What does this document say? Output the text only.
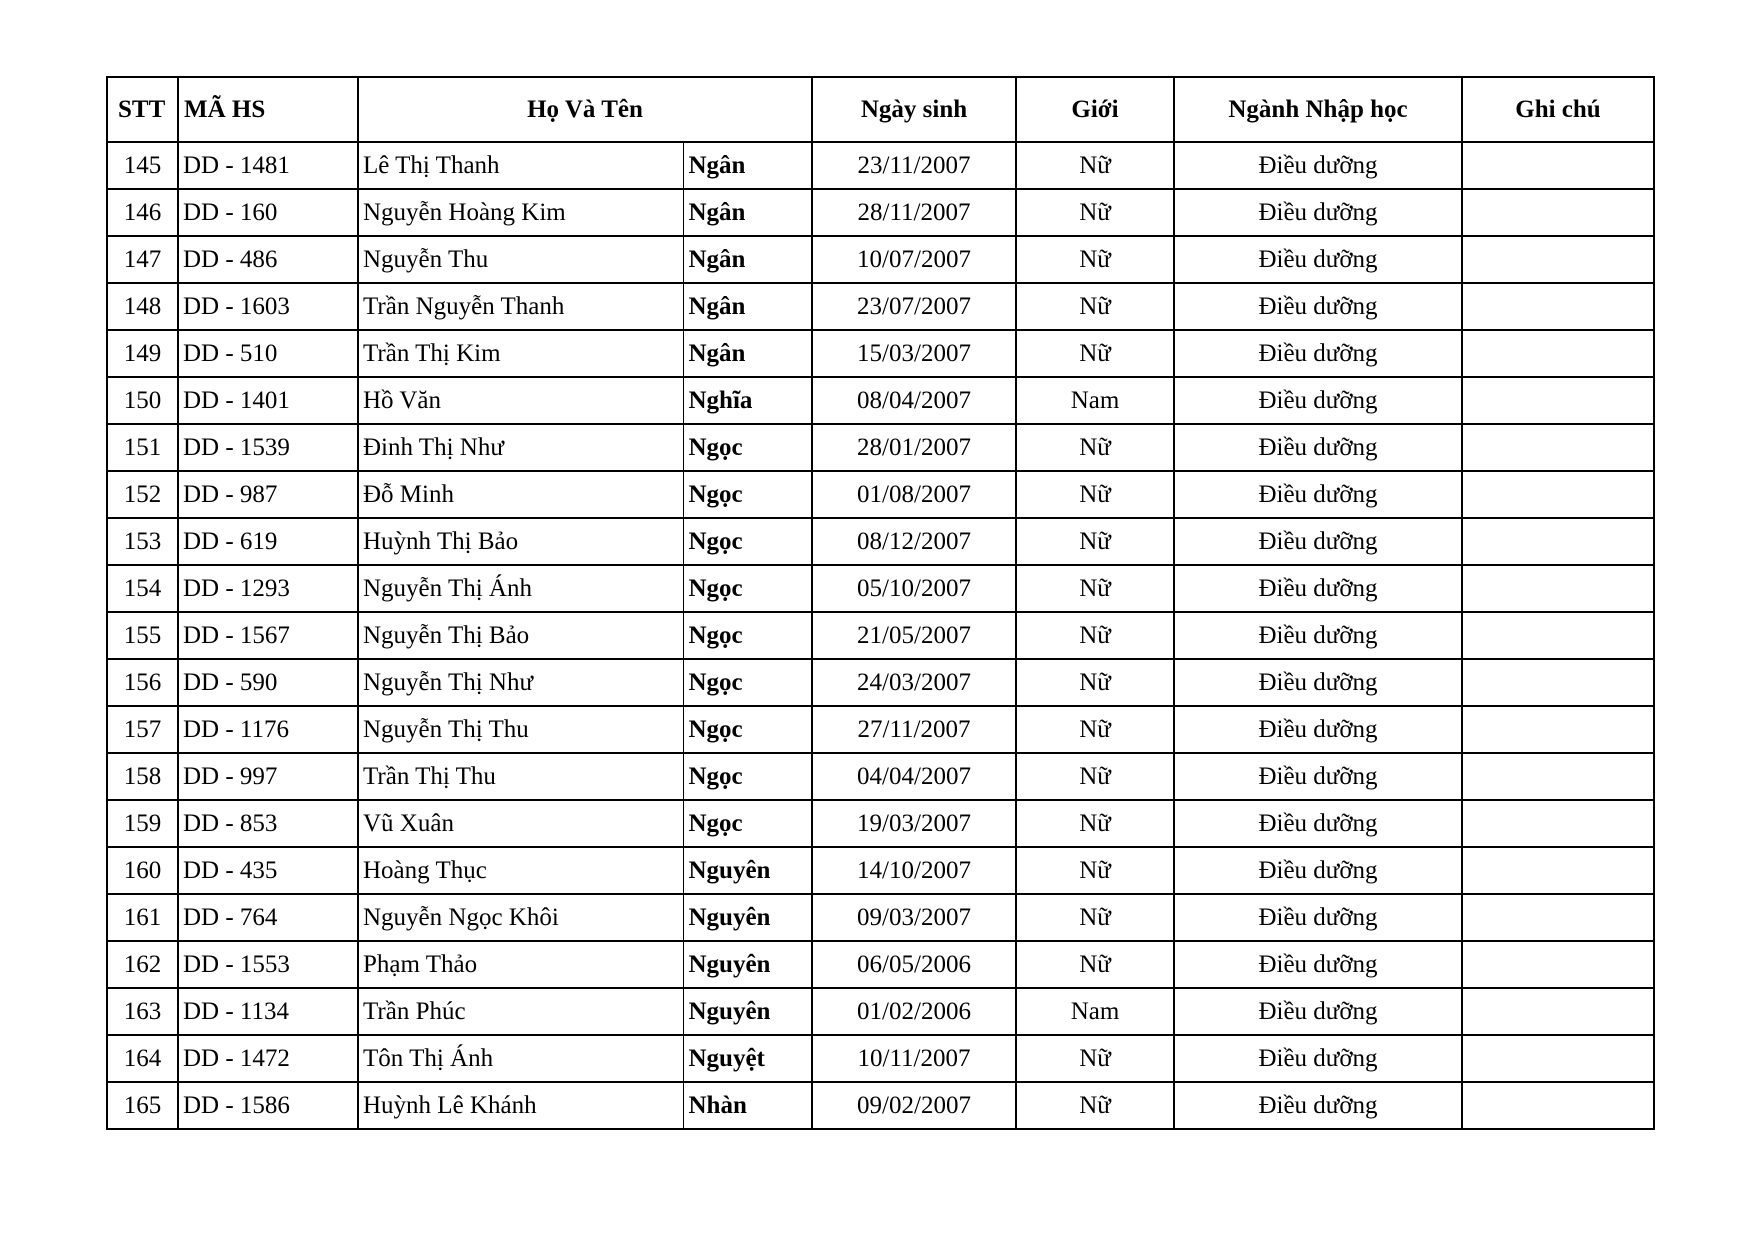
STT	MÃ HS	Họ Và Tên		Ngày sinh	Giới	Ngành Nhập học	Ghi chú
145	DD - 1481	Lê Thị Thanh	Ngân	23/11/2007	Nữ	Điều dưỡng	
146	DD - 160	Nguyễn Hoàng Kim	Ngân	28/11/2007	Nữ	Điều dưỡng	
147	DD - 486	Nguyễn Thu	Ngân	10/07/2007	Nữ	Điều dưỡng	
148	DD - 1603	Trần Nguyễn Thanh	Ngân	23/07/2007	Nữ	Điều dưỡng	
149	DD - 510	Trần Thị Kim	Ngân	15/03/2007	Nữ	Điều dưỡng	
150	DD - 1401	Hồ Văn	Nghĩa	08/04/2007	Nam	Điều dưỡng	
151	DD - 1539	Đinh Thị Như	Ngọc	28/01/2007	Nữ	Điều dưỡng	
152	DD - 987	Đỗ Minh	Ngọc	01/08/2007	Nữ	Điều dưỡng	
153	DD - 619	Huỳnh Thị Bảo	Ngọc	08/12/2007	Nữ	Điều dưỡng	
154	DD - 1293	Nguyễn Thị Ánh	Ngọc	05/10/2007	Nữ	Điều dưỡng	
155	DD - 1567	Nguyễn Thị Bảo	Ngọc	21/05/2007	Nữ	Điều dưỡng	
156	DD - 590	Nguyễn Thị Như	Ngọc	24/03/2007	Nữ	Điều dưỡng	
157	DD - 1176	Nguyễn Thị Thu	Ngọc	27/11/2007	Nữ	Điều dưỡng	
158	DD - 997	Trần Thị Thu	Ngọc	04/04/2007	Nữ	Điều dưỡng	
159	DD - 853	Vũ Xuân	Ngọc	19/03/2007	Nữ	Điều dưỡng	
160	DD - 435	Hoàng Thục	Nguyên	14/10/2007	Nữ	Điều dưỡng	
161	DD - 764	Nguyễn Ngọc Khôi	Nguyên	09/03/2007	Nữ	Điều dưỡng	
162	DD - 1553	Phạm Thảo	Nguyên	06/05/2006	Nữ	Điều dưỡng	
163	DD - 1134	Trần Phúc	Nguyên	01/02/2006	Nam	Điều dưỡng	
164	DD - 1472	Tôn Thị Ánh	Nguyệt	10/11/2007	Nữ	Điều dưỡng	
165	DD - 1586	Huỳnh Lê Khánh	Nhàn	09/02/2007	Nữ	Điều dưỡng	
